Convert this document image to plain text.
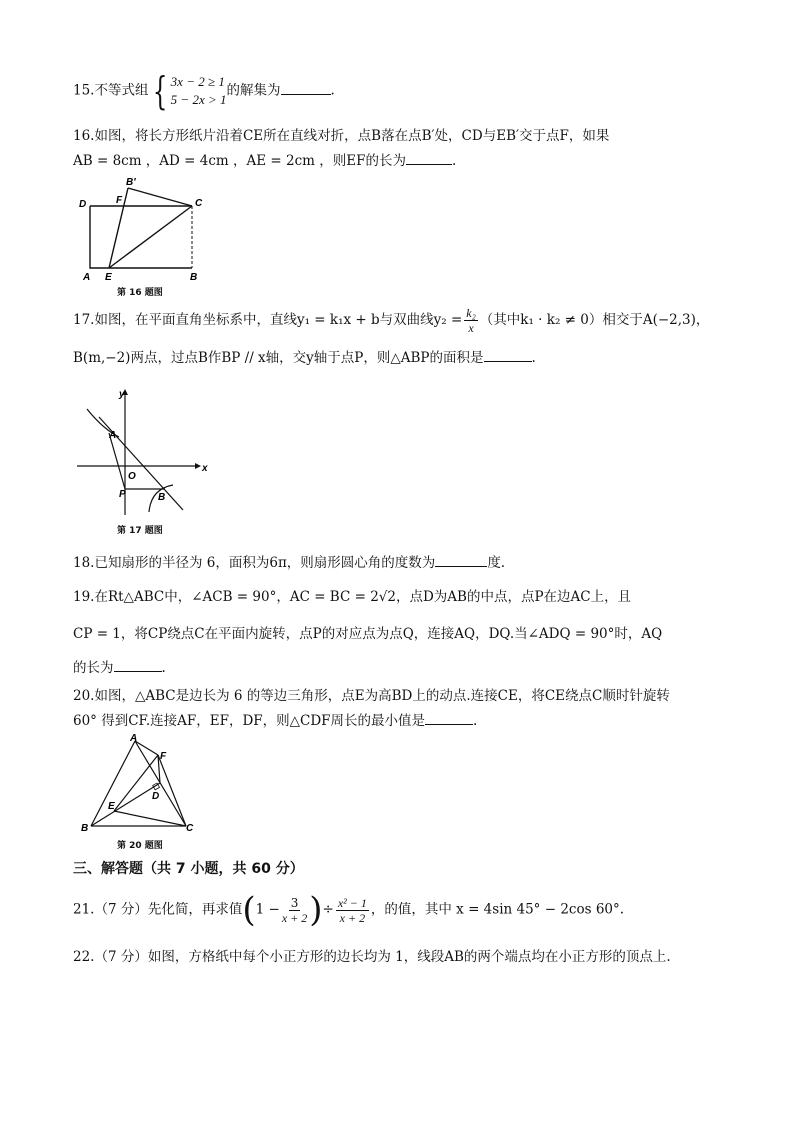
15.不等式组 { 3x − 2 ≥ 1
5 − 2x > 1
的解集为	.
16.如图，将长方形纸片沿着CE所在直线对折，点B落在点B′处，CD与EB′交于点F，如果
AB = 8cm ，AD = 4cm ，AE = 2cm ，则EF的长为	.
D	F
B′
C
A E	B
第 16 题图
17.如图，在平面直角坐标系中，直线y₁ = k₁x + b与双曲线$y_2 = \frac{\text{k₂}}{x}$ （其中k₁ · k₂ ≠ 0）相交于A(−2,3)，
B(m,−2)两点，过点B作BP // x轴，交y轴于点P，则△ABP的面积是	.
y
x
A
O
P	B
第 17 题图
18.已知扇形的半径为 6，面积为6π，则扇形圆心角的度数为	度.
19.在Rt△ABC中，∠ACB = 90°，AC = BC = 2√2，点D为AB的中点，点P在边AC上，且
CP = 1，将CP绕点C在平面内旋转，点P的对应点为点Q，连接AQ，DQ.当∠ADQ = 90°时，AQ
的长为	.
20.如图，△ABC是边长为 6 的等边三角形，点E为高BD上的动点.连接CE，将CE绕点C顺时针旋转
60° 得到CF.连接AF，EF，DF，则△CDF周长的最小值是	.
A
F
D
E
B	C
第 20 题图
三、解答题（共 7 小题，共 60 分）
21.（7 分）先化简，再求值($1 - \frac{3}{x + 2}$ )÷ $\frac{\text{x² − 1}}{x + 2}$ ，的值，其中 x = 4sin 45° − 2cos 60°.
22.（7 分）如图，方格纸中每个小正方形的边长均为 1，线段AB的两个端点均在小正方形的顶点上.
